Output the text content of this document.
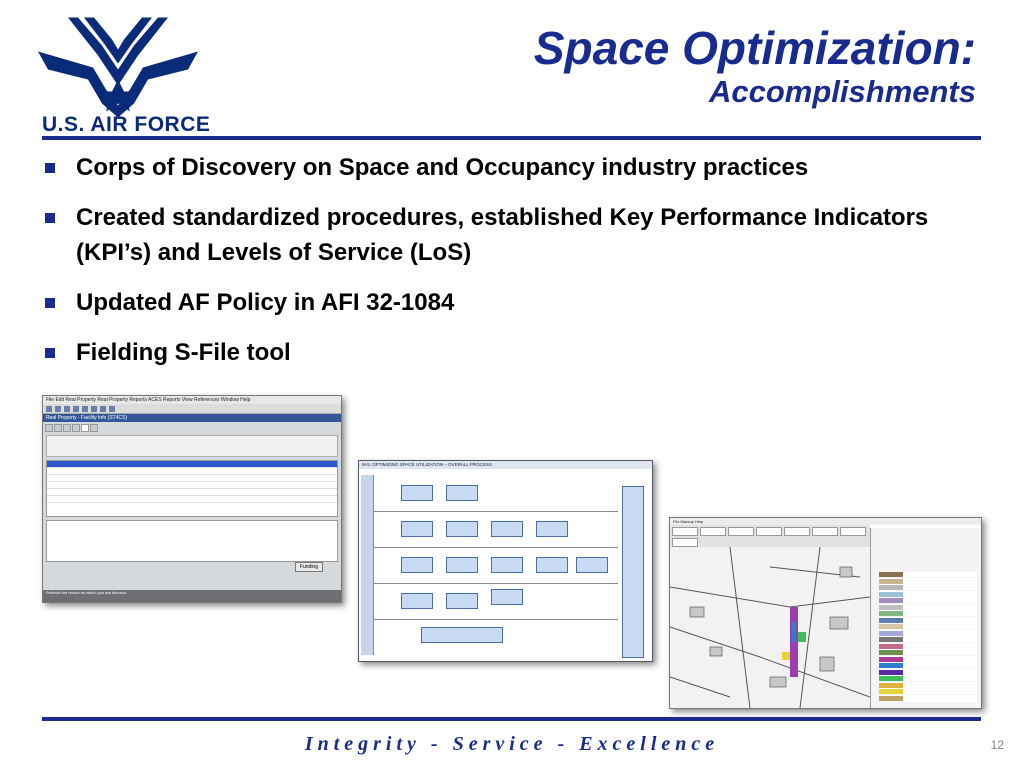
U.S. AIR FORCE
Space Optimization:
Accomplishments
Corps of Discovery on Space and Occupancy industry practices
Created standardized procedures, established Key Performance Indicators (KPI’s) and Levels of Service (LoS)
Updated AF Policy in AFI 32-1084
Fielding S-File tool
File Edit Real Property Real Property Reports ACES Reports View References Window Help
Real Property - Facility Info (ST4CS)
Funding
Reflects the record on which you are focused.
M-5: OPTIMIZING SPACE UTILIZATION – OVERALL PROCESS
File Markup Help
Integrity - Service - Excellence	12
